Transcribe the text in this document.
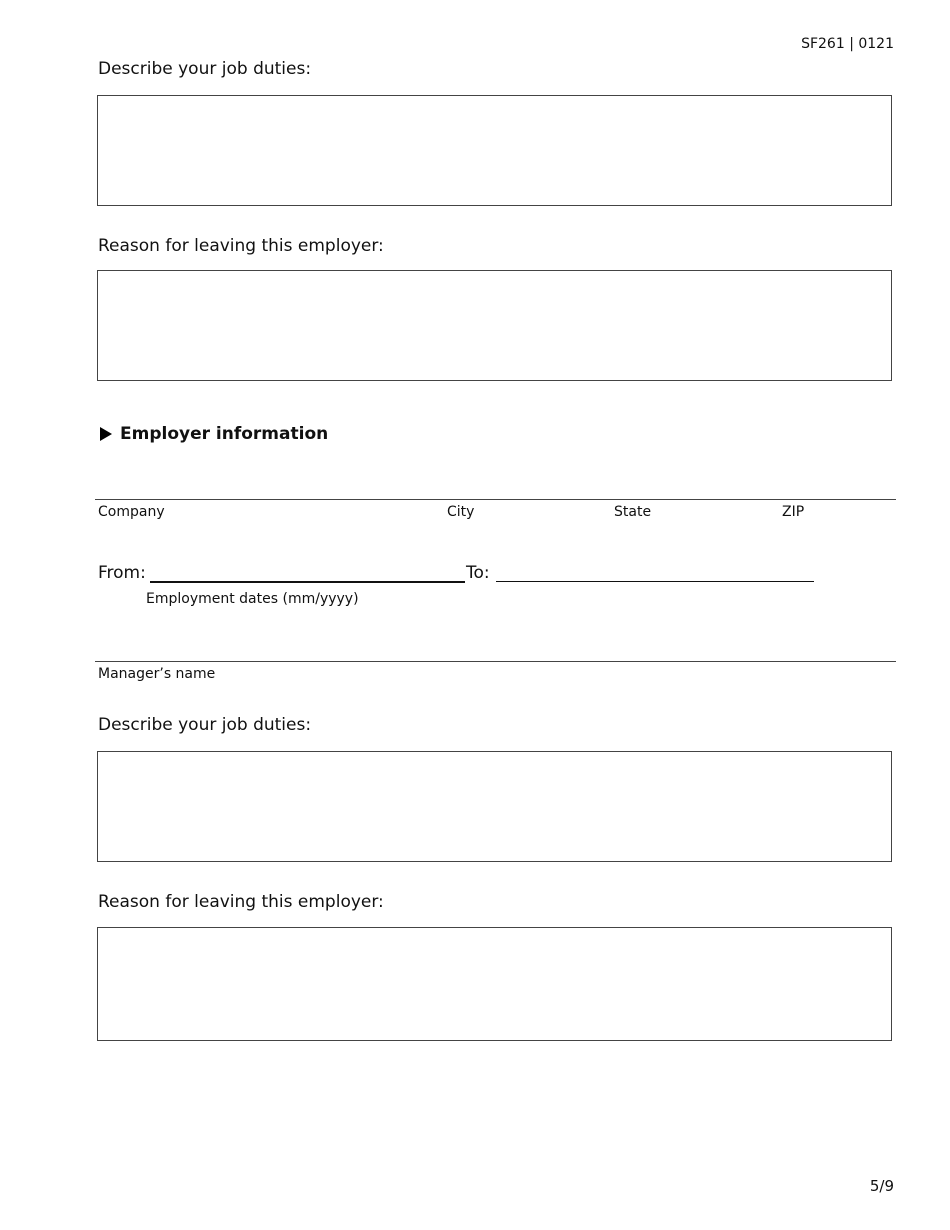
SF261 | 0121
Describe your job duties:
Reason for leaving this employer:
Employer information
Company	City	State	ZIP
From:	To:
Employment dates (mm/yyyy)
Manager’s name
Describe your job duties:
Reason for leaving this employer:
5/9
